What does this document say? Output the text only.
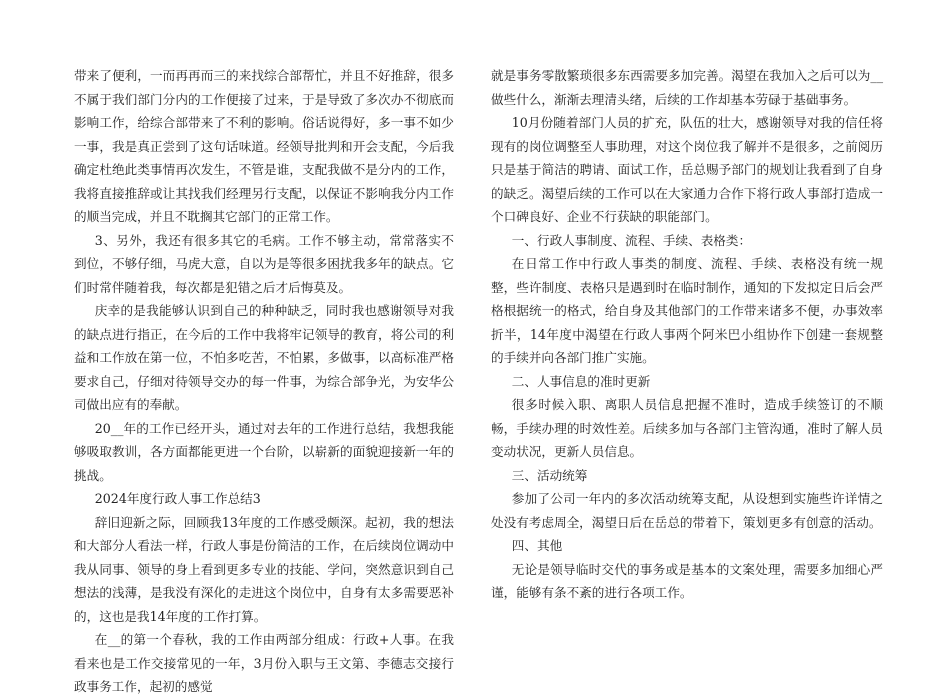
带来了便利，一而再再而三的来找综合部帮忙，并且不好推辞，很多不属于我们部门分内的工作便接了过来，于是导致了多次办不彻底而影响工作，给综合部带来了不利的影响。俗话说得好，多一事不如少一事，我是真正尝到了这句话味道。经领导批判和开会支配，今后我确定杜绝此类事情再次发生，不管是谁，支配我做不是分内的工作，我将直接推辞或让其找我们经理另行支配，以保证不影响我分内工作的顺当完成，并且不耽搁其它部门的正常工作。

3、另外，我还有很多其它的毛病。工作不够主动，常常落实不到位，不够仔细，马虎大意，自以为是等很多困扰我多年的缺点。它们时常伴随着我，每次都是犯错之后才后悔莫及。

庆幸的是我能够认识到自己的种种缺乏，同时我也感谢领导对我的缺点进行指正，在今后的工作中我将牢记领导的教育，将公司的利益和工作放在第一位，不怕多吃苦，不怕累，多做事，以高标准严格要求自己，仔细对待领导交办的每一件事，为综合部争光，为安华公司做出应有的奉献。

20__年的工作已经开头，通过对去年的工作进行总结，我想我能够吸取教训，各方面都能更进一个台阶，以崭新的面貌迎接新一年的挑战。

2024年度行政人事工作总结3

辞旧迎新之际，回顾我13年度的工作感受颇深。起初，我的想法和大部分人看法一样，行政人事是份简洁的工作，在后续岗位调动中我从同事、领导的身上看到更多专业的技能、学问，突然意识到自己想法的浅薄，是我没有深化的走进这个岗位中，自身有太多需要恶补的，这也是我14年度的工作打算。

在__的第一个春秋，我的工作由两部分组成：行政+人事。在我看来也是工作交接常见的一年，3月份入职与王文第、李德志交接行政事务工作，起初的感觉

就是事务零散繁琐很多东西需要多加完善。渴望在我加入之后可以为__做些什么，渐渐去理清头绪，后续的工作却基本劳碌于基础事务。

10月份随着部门人员的扩充，队伍的壮大，感谢领导对我的信任将现有的岗位调整至人事助理，对这个岗位我了解并不是很多，之前阅历只是基于简洁的聘请、面试工作，岳总赐予部门的规划让我看到了自身的缺乏。渴望后续的工作可以在大家通力合作下将行政人事部打造成一个口碑良好、企业不行获缺的职能部门。

一、行政人事制度、流程、手续、表格类：

在日常工作中行政人事类的制度、流程、手续、表格没有统一规整，些许制度、表格只是遇到时在临时制作，通知的下发拟定日后会严格根据统一的格式，给自身及其他部门的工作带来诸多不便，办事效率折半，14年度中渴望在行政人事两个阿米巴小组协作下创建一套规整的手续并向各部门推广实施。

二、人事信息的准时更新

很多时候入职、离职人员信息把握不准时，造成手续签订的不顺畅，手续办理的时效性差。后续多加与各部门主管沟通，准时了解人员变动状况，更新人员信息。

三、活动统筹

参加了公司一年内的多次活动统筹支配，从设想到实施些许详情之处没有考虑周全，渴望日后在岳总的带着下，策划更多有创意的活动。

四、其他

无论是领导临时交代的事务或是基本的文案处理，需要多加细心严谨，能够有条不紊的进行各项工作。
